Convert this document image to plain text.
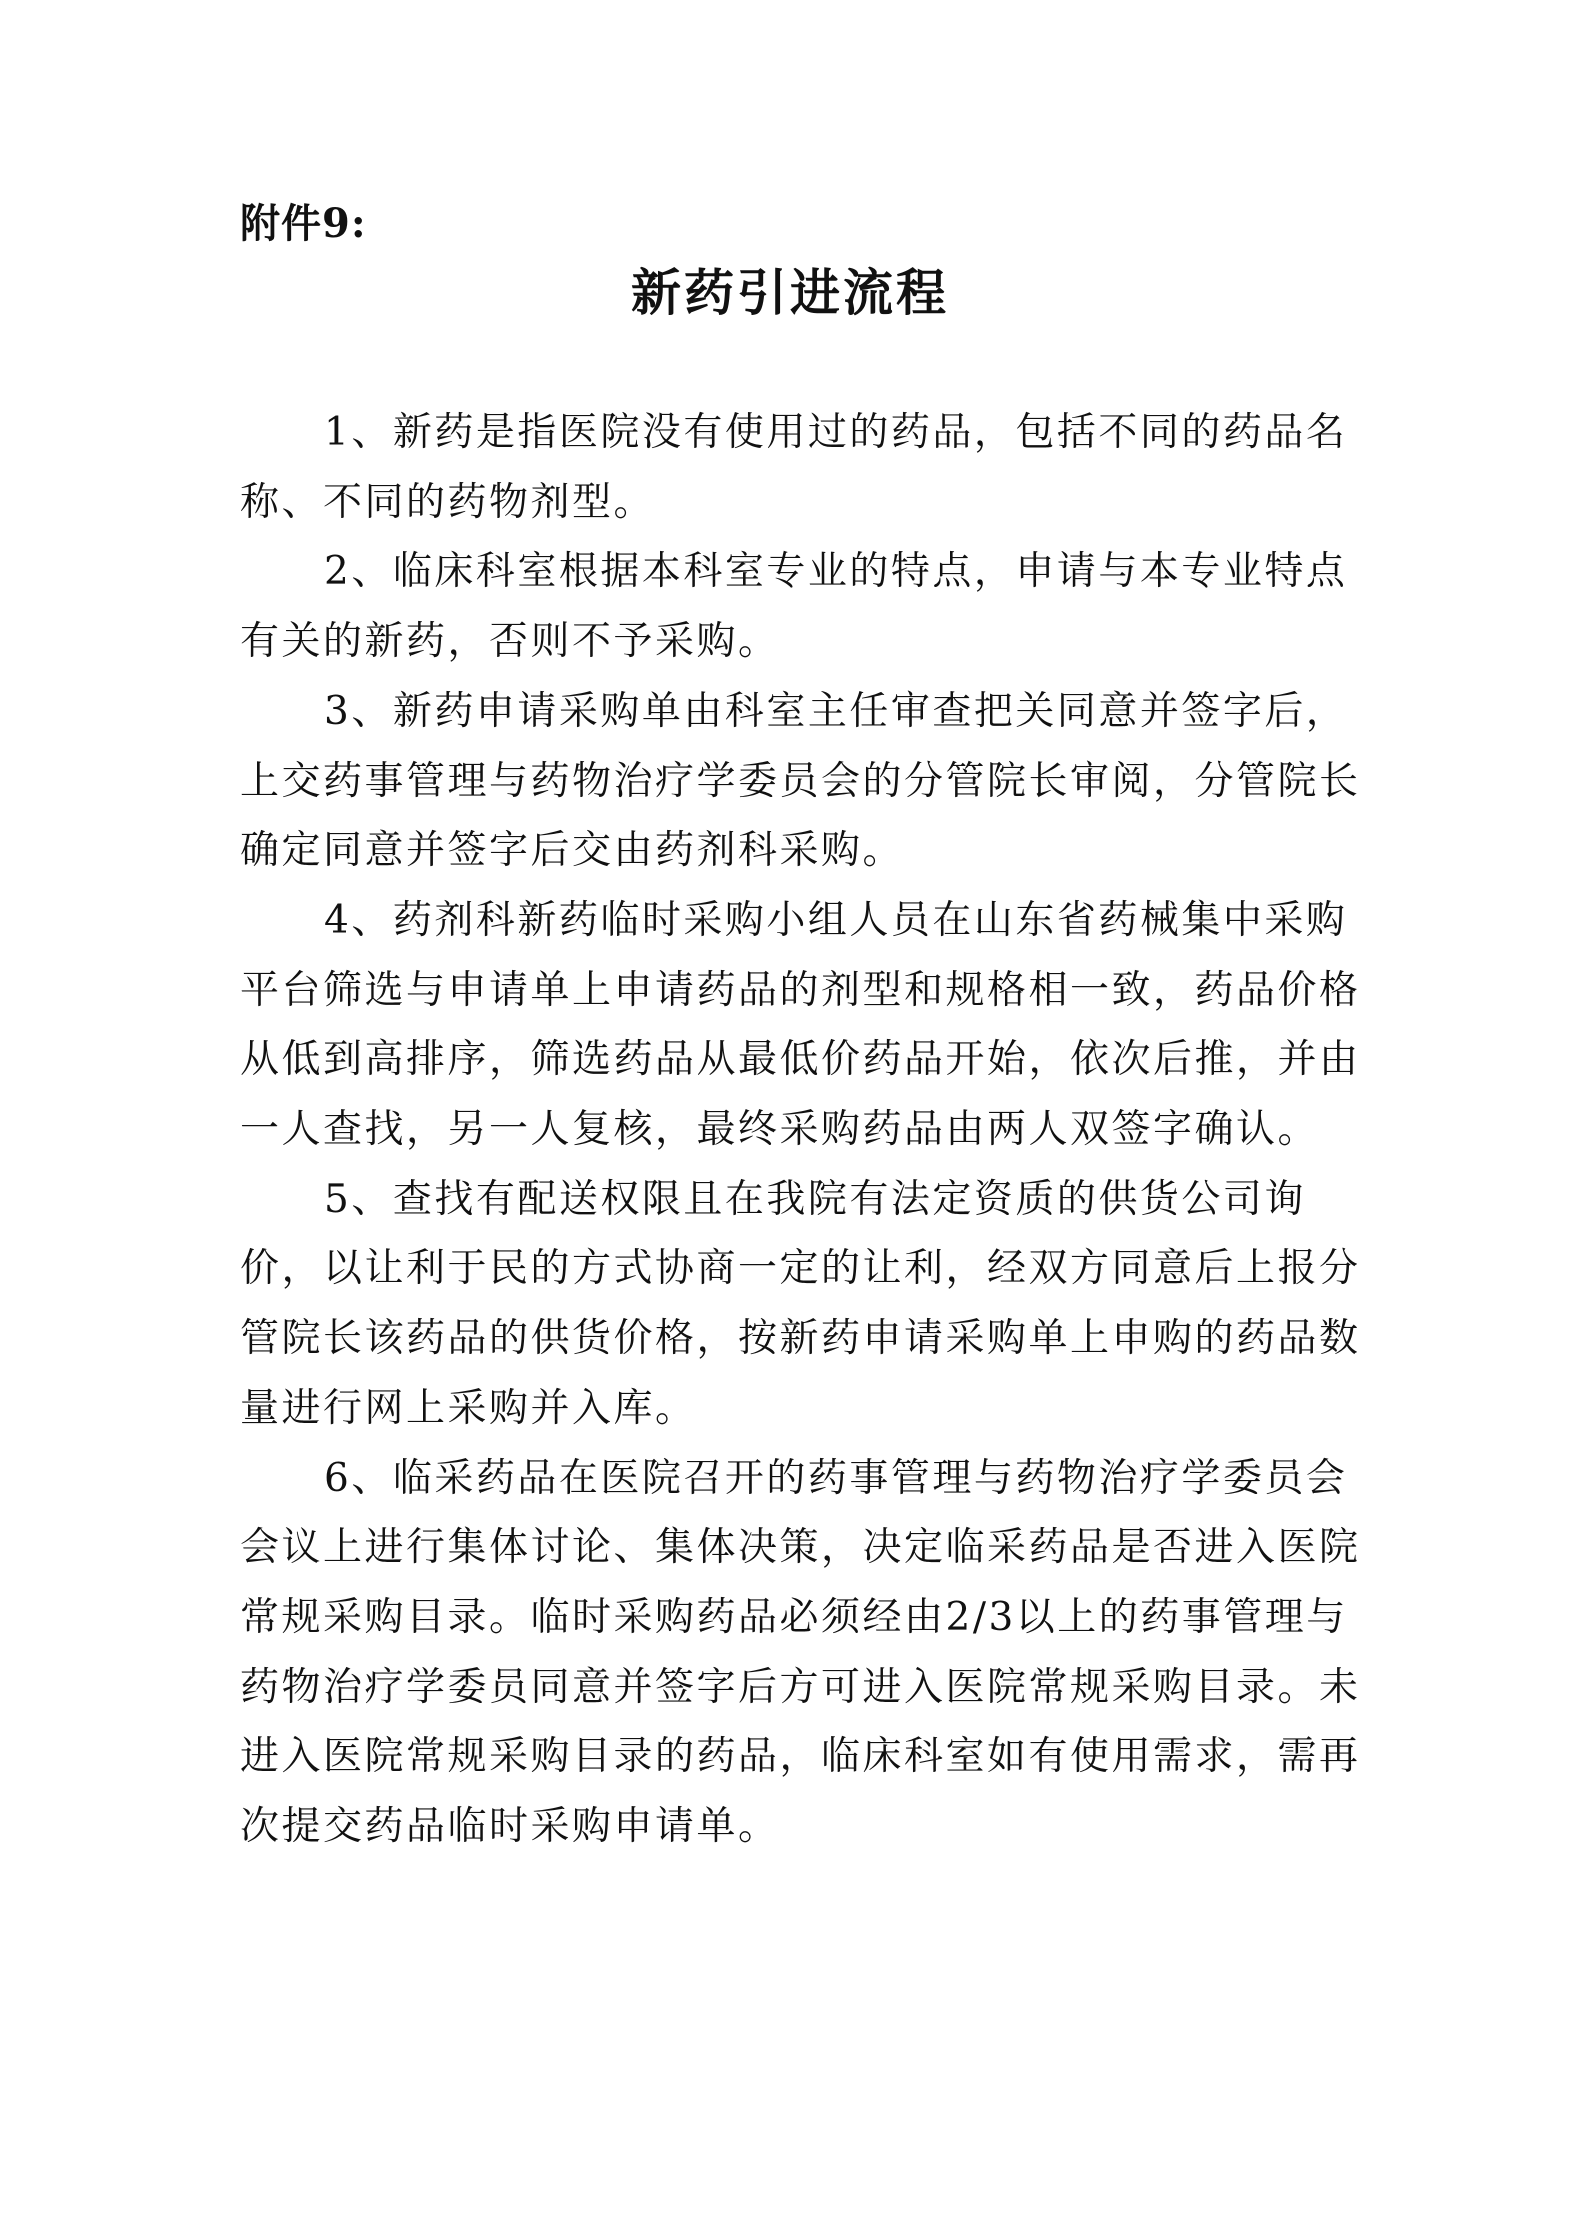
附件9:
新药引进流程

1、新药是指医院没有使用过的药品，包括不同的药品名称、不同的药物剂型。

2、临床科室根据本科室专业的特点，申请与本专业特点有关的新药，否则不予采购。

3、新药申请采购单由科室主任审查把关同意并签字后，上交药事管理与药物治疗学委员会的分管院长审阅，分管院长确定同意并签字后交由药剂科采购。

4、药剂科新药临时采购小组人员在山东省药械集中采购平台筛选与申请单上申请药品的剂型和规格相一致，药品价格从低到高排序，筛选药品从最低价药品开始，依次后推，并由一人查找，另一人复核，最终采购药品由两人双签字确认。

5、查找有配送权限且在我院有法定资质的供货公司询价，以让利于民的方式协商一定的让利，经双方同意后上报分管院长该药品的供货价格，按新药申请采购单上申购的药品数量进行网上采购并入库。

6、临采药品在医院召开的药事管理与药物治疗学委员会会议上进行集体讨论、集体决策，决定临采药品是否进入医院常规采购目录。临时采购药品必须经由2/3以上的药事管理与药物治疗学委员同意并签字后方可进入医院常规采购目录。未进入医院常规采购目录的药品，临床科室如有使用需求，需再次提交药品临时采购申请单。
